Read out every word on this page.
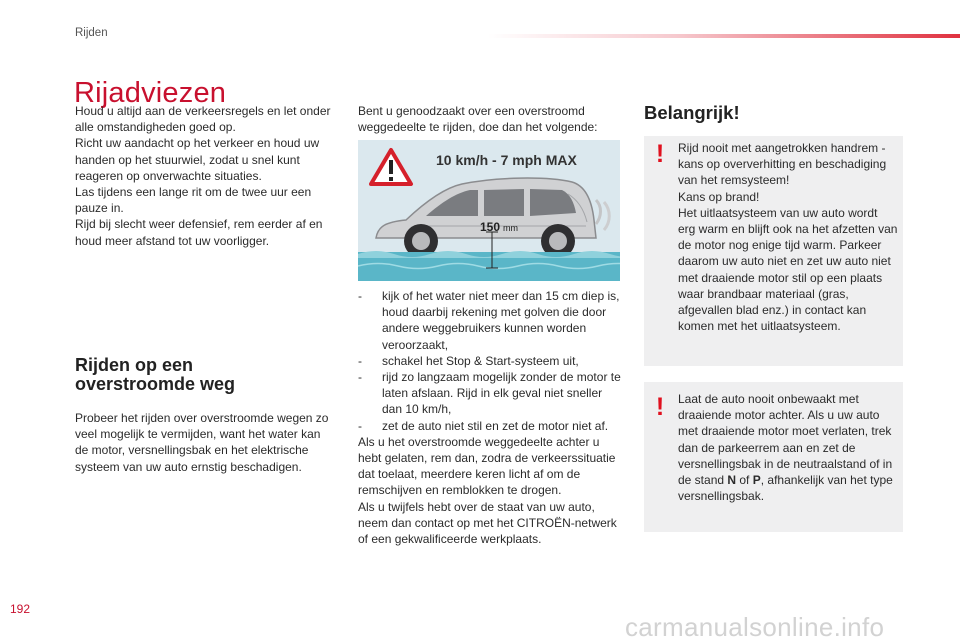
Rijden
Rijadviezen

Houd u altijd aan de verkeersregels en let onder alle omstandigheden goed op.

Richt uw aandacht op het verkeer en houd uw handen op het stuurwiel, zodat u snel kunt reageren op onverwachte situaties.

Las tijdens een lange rit om de twee uur een pauze in.

Rijd bij slecht weer defensief, rem eerder af en houd meer afstand tot uw voorligger.

Rijden op een
overstroomde weg

Probeer het rijden over overstroomde wegen zo veel mogelijk te vermijden, want het water kan de motor, versnellingsbak en het elektrische systeem van uw auto ernstig beschadigen.

Bent u genoodzaakt over een overstroomd weggedeelte te rijden, doe dan het volgende:

10 km/h - 7 mph MAX
150 mm
- kijk of het water niet meer dan 15 cm diep is, houd daarbij rekening met golven die door andere weggebruikers kunnen worden veroorzaakt,
- schakel het Stop & Start-systeem uit,
- rijd zo langzaam mogelijk zonder de motor te laten afslaan. Rijd in elk geval niet sneller dan 10 km/h,
- zet de auto niet stil en zet de motor niet af.

Als u het overstroomde weggedeelte achter u hebt gelaten, rem dan, zodra de verkeerssituatie dat toelaat, meerdere keren licht af om de remschijven en remblokken te drogen.

Als u twijfels hebt over de staat van uw auto, neem dan contact op met het CITROËN-netwerk of een gekwalificeerde werkplaats.

Belangrijk!
! Rijd nooit met aangetrokken handrem - kans op oververhitting en beschadiging van het remsysteem!

Kans op brand!

Het uitlaatsysteem van uw auto wordt erg warm en blijft ook na het afzetten van de motor nog enige tijd warm. Parkeer daarom uw auto niet en zet uw auto niet met draaiende motor stil op een plaats waar brandbaar materiaal (gras, afgevallen blad enz.) in contact kan komen met het uitlaatsysteem.

! Laat de auto nooit onbewaakt met draaiende motor achter. Als u uw auto met draaiende motor moet verlaten, trek dan de parkeerrem aan en zet de versnellingsbak in de neutraalstand of in de stand N of P, afhankelijk van het type versnellingsbak.
192
carmanualsonline.info
